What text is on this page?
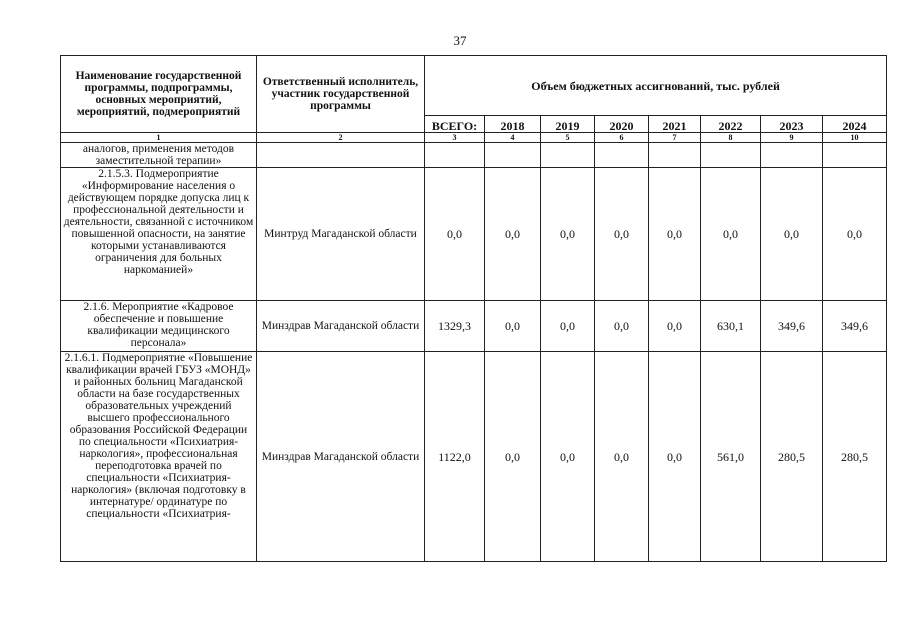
37
Наименование государственной программы, подпрограммы, основных мероприятий, мероприятий, подмероприятий	Ответственный исполнитель, участник государственной программы	Объем бюджетных ассигнований, тыс. рублей							
		ВСЕГО:	2018	2019	2020	2021	2022	2023	2024
1	2	3	4	5	6	7	8	9	10
аналогов, применения методов заместительной терапии»									
2.1.5.3. Подмероприятие «Информирование населения о действующем порядке допуска лиц к профессиональной деятельности и деятельности, связанной с источником повышенной опасности, на занятие которыми устанавливаются ограничения для больных наркоманией»	Минтруд Магаданской области	0,0	0,0	0,0	0,0	0,0	0,0	0,0	0,0
2.1.6. Мероприятие «Кадровое обеспечение и повышение квалификации медицинского персонала»	Минздрав Магаданской области	1329,3	0,0	0,0	0,0	0,0	630,1	349,6	349,6
2.1.6.1. Подмероприятие «Повышение квалификации врачей ГБУЗ «МОНД» и районных больниц Магаданской области на базе государственных образовательных учреждений высшего профессионального образования Российской Федерации по специальности «Психиатрия-наркология», профессиональная переподготовка врачей по специальности «Психиатрия-наркология» (включая подготовку в интернатуре/ ординатуре по специальности «Психиатрия-	Минздрав Магаданской области	1122,0	0,0	0,0	0,0	0,0	561,0	280,5	280,5
